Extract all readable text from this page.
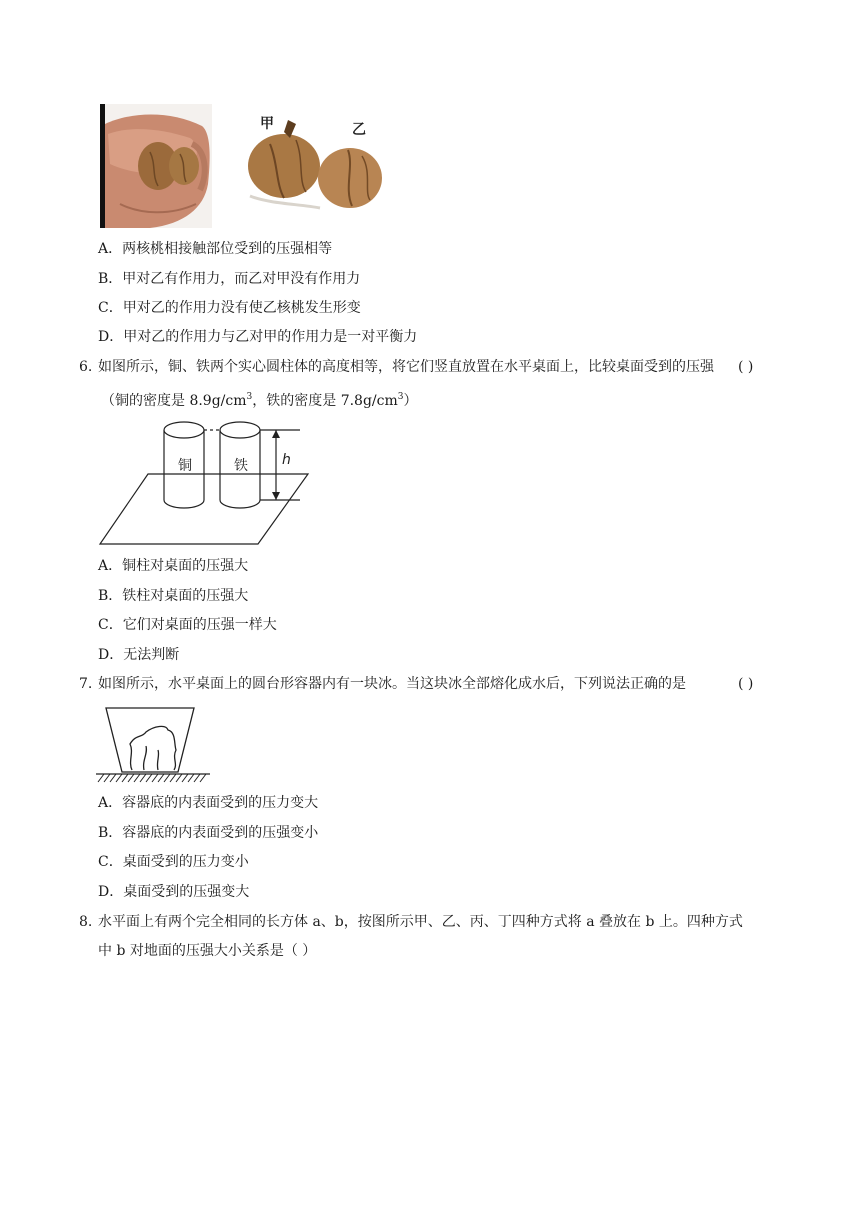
甲	乙
A．两核桃相接触部位受到的压强相等
B．甲对乙有作用力，而乙对甲没有作用力
C．甲对乙的作用力没有使乙核桃发生形变
D．甲对乙的作用力与乙对甲的作用力是一对平衡力
6. 如图所示，铜、铁两个实心圆柱体的高度相等，将它们竖直放置在水平桌面上，比较桌面受到的压强 ( )
（铜的密度是 $8.9g/cm^3$，铁的密度是 $7.8g/cm^3$）
铜	铁 h
A．铜柱对桌面的压强大
B．铁柱对桌面的压强大
C．它们对桌面的压强一样大
D．无法判断
7. 如图所示，水平桌面上的圆台形容器内有一块冰。当这块冰全部熔化成水后，下列说法正确的是	( )
A．容器底的内表面受到的压力变大
B．容器底的内表面受到的压强变小
C．桌面受到的压力变小
D．桌面受到的压强变大
8. 水平面上有两个完全相同的长方体 a、b，按图所示甲、乙、丙、丁四种方式将 a 叠放在 b 上。四种方式
中 b 对地面的压强大小关系是（ ）
